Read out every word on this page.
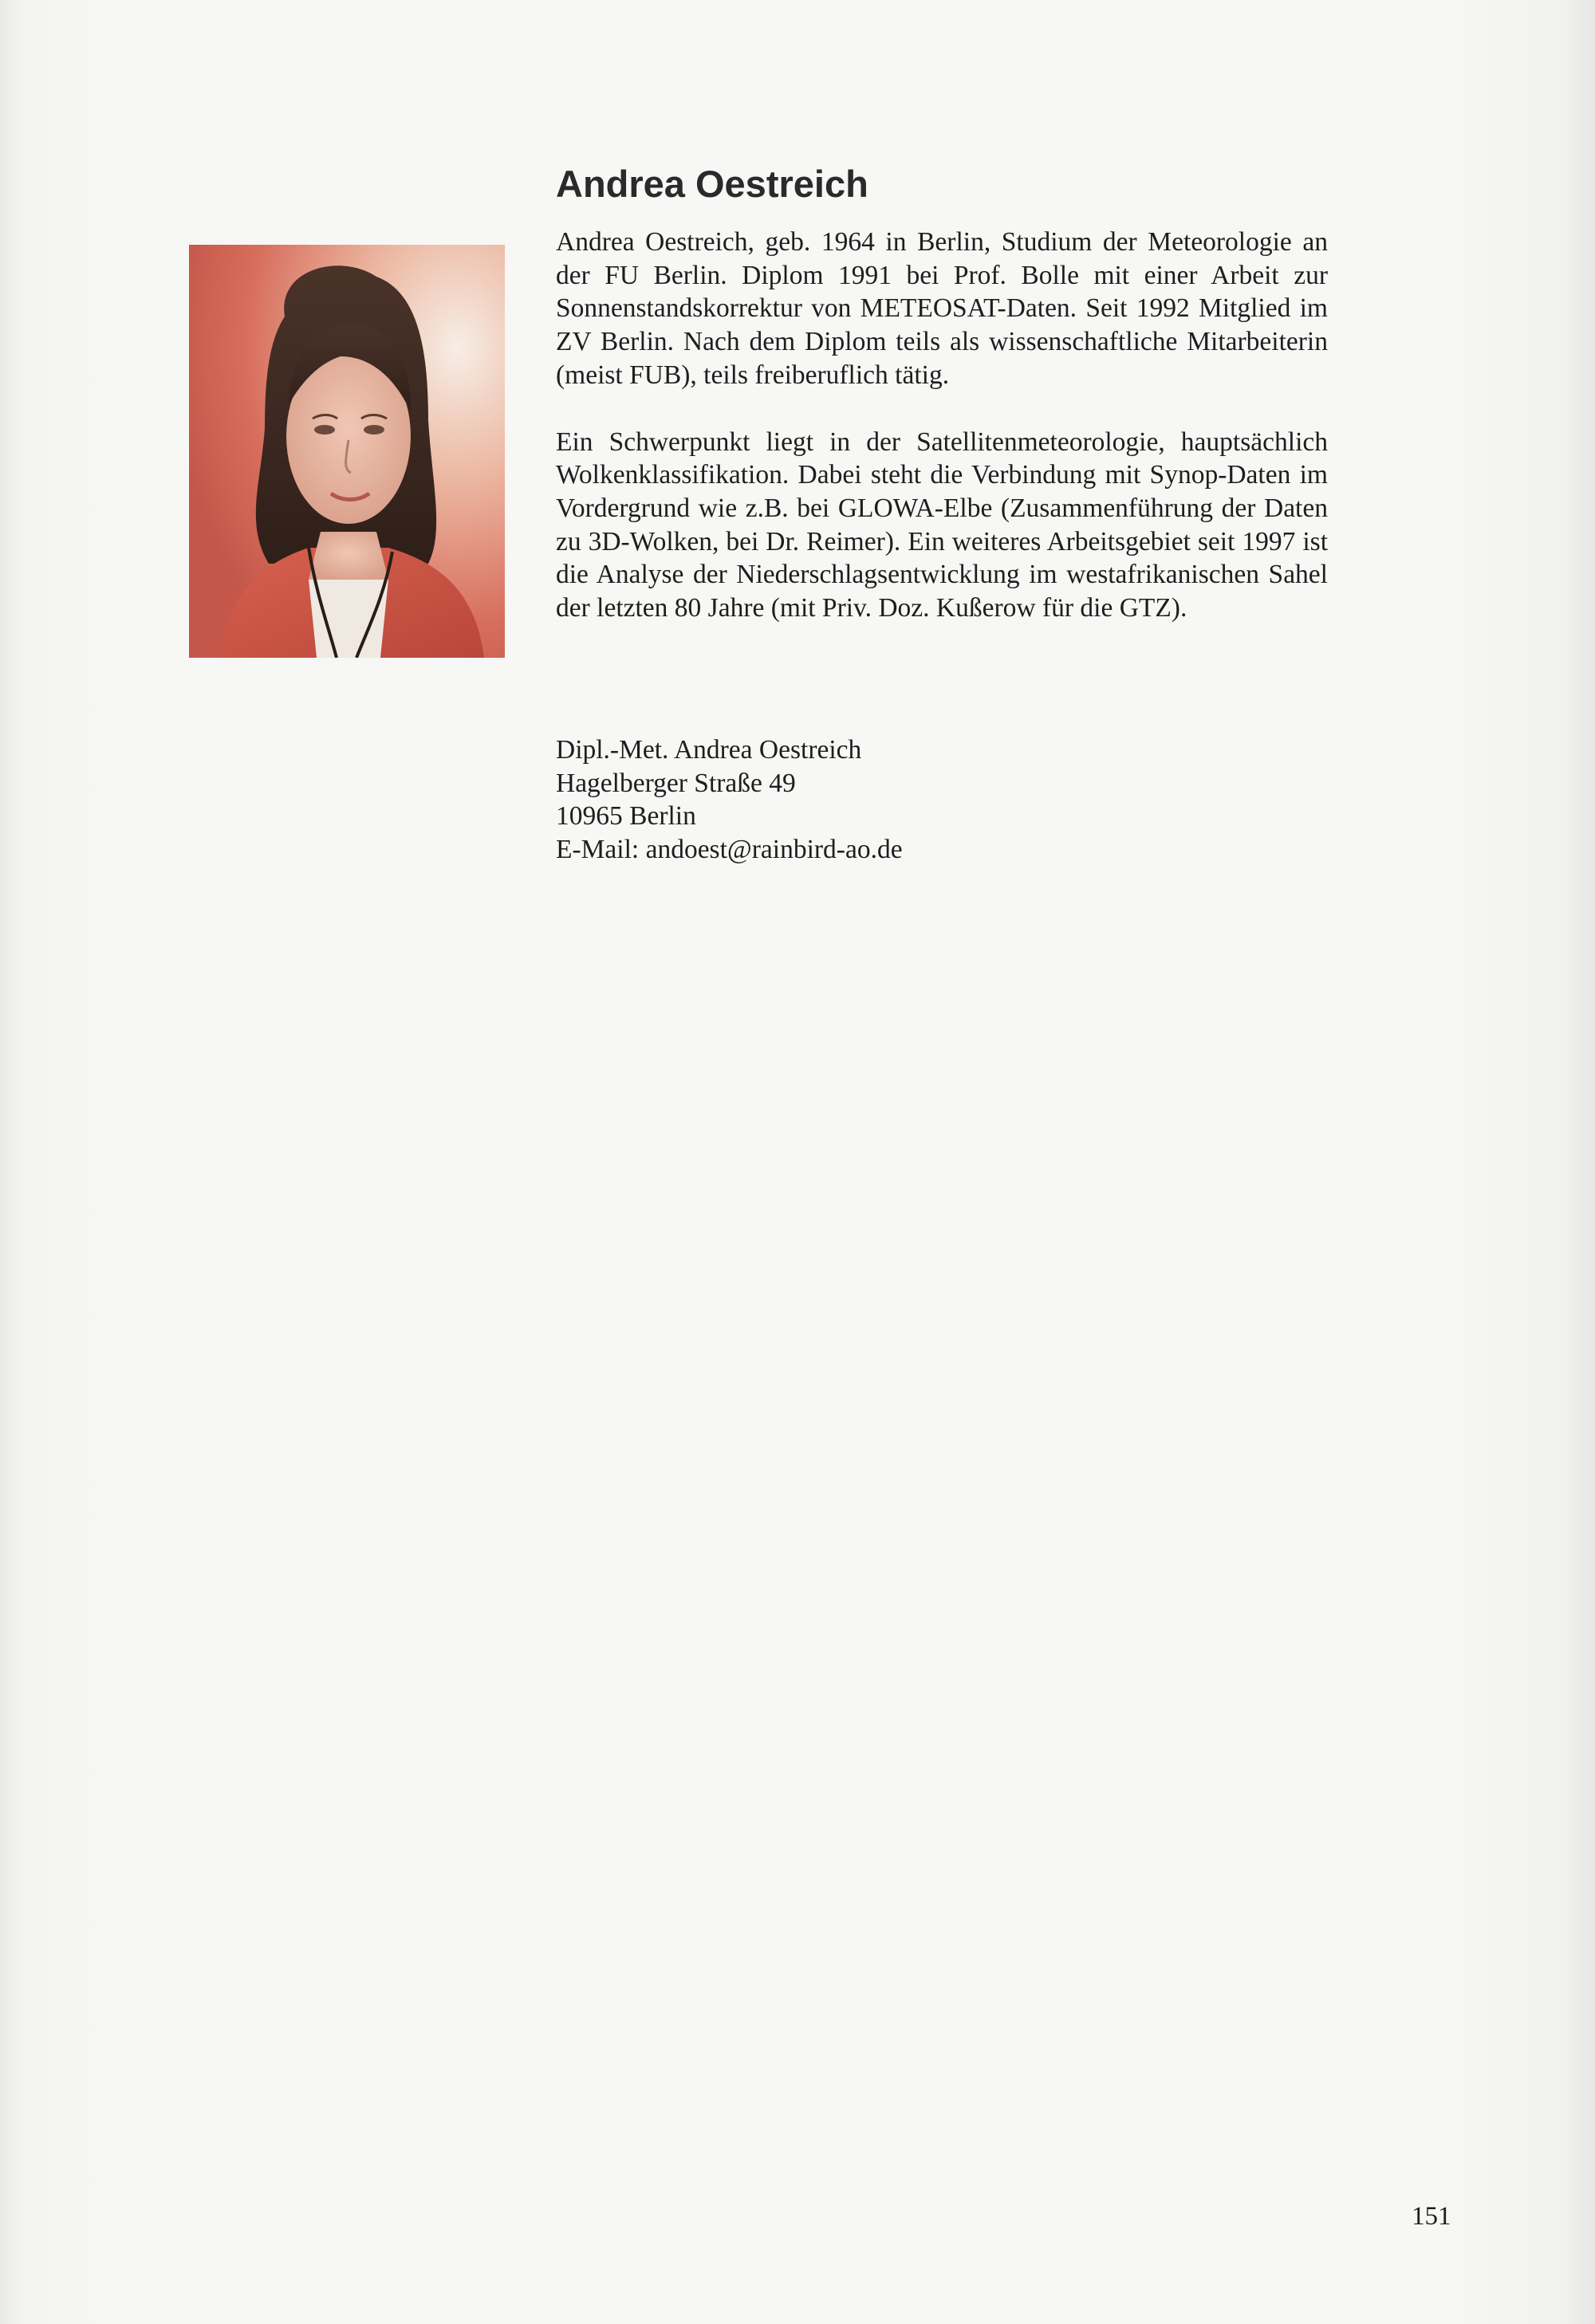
Andrea Oestreich

Andrea Oestreich, geb. 1964 in Berlin, Studium der Meteorologie an der FU Berlin. Diplom 1991 bei Prof. Bolle mit einer Arbeit zur Sonnenstandskorrektur von METEOSAT-Daten. Seit 1992 Mitglied im ZV Berlin. Nach dem Diplom teils als wissenschaftliche Mitarbeiterin (meist FUB), teils freiberuflich tätig.

Ein Schwerpunkt liegt in der Satellitenmeteorologie, hauptsächlich Wolkenklassifikation. Dabei steht die Verbindung mit Synop-Daten im Vordergrund wie z.B. bei GLOWA-Elbe (Zusammenführung der Daten zu 3D-Wolken, bei Dr. Reimer). Ein weiteres Arbeitsgebiet seit 1997 ist die Analyse der Niederschlagsentwicklung im westafrikanischen Sahel der letzten 80 Jahre (mit Priv. Doz. Kußerow für die GTZ).

Dipl.-Met. Andrea Oestreich
Hagelberger Straße 49
10965 Berlin
E-Mail: andoest@rainbird-ao.de
151
